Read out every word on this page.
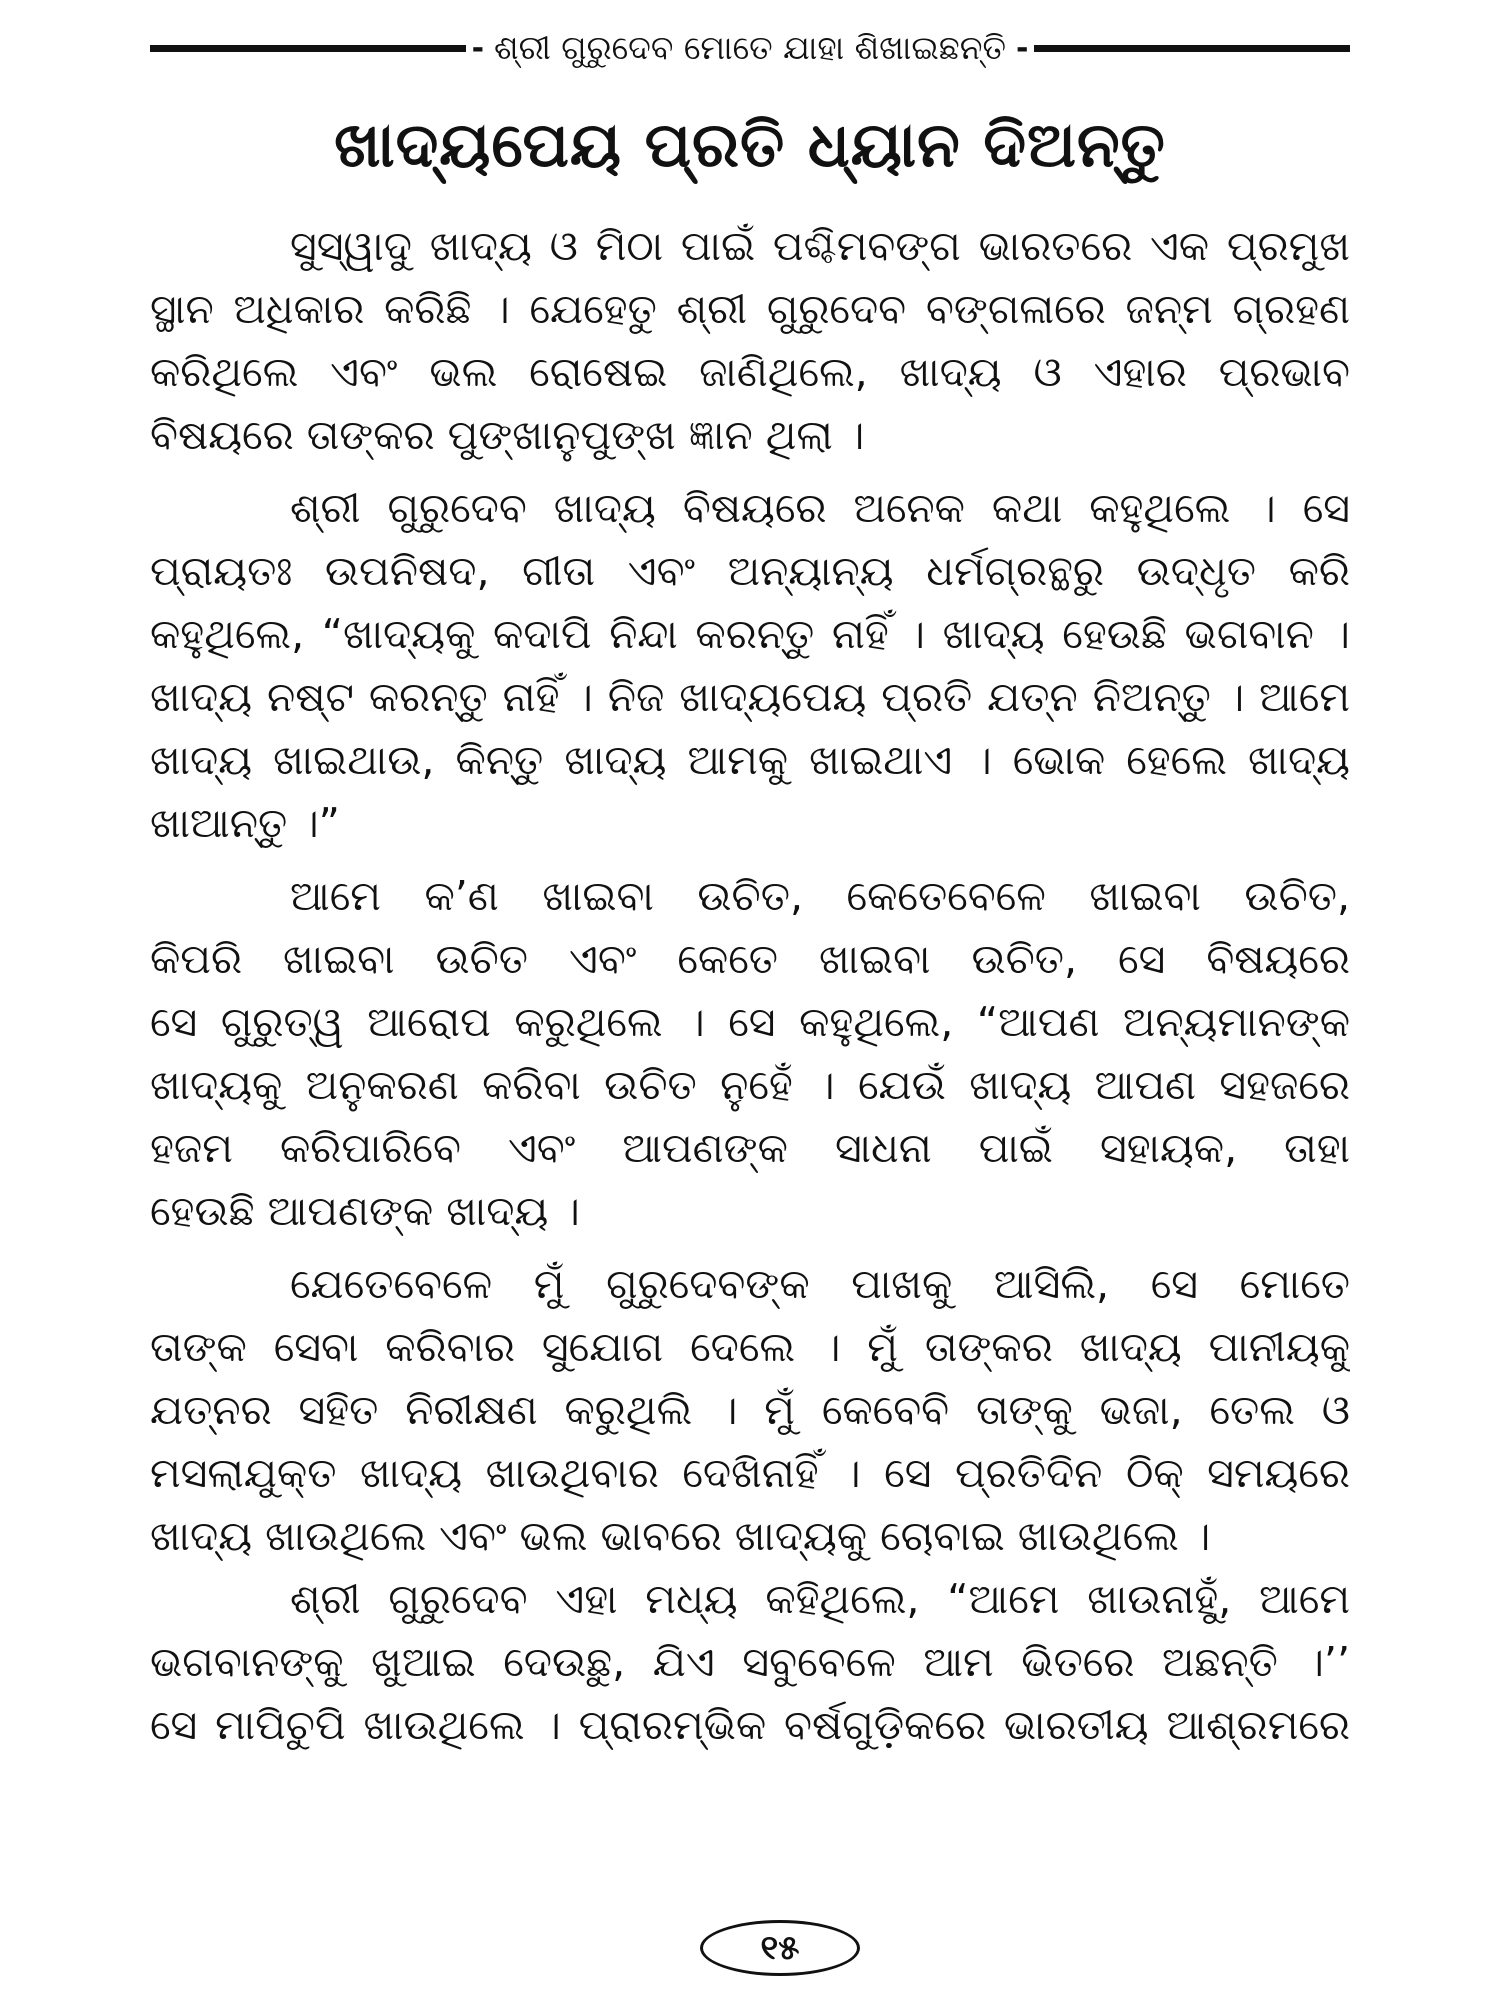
- ଶ୍ରୀ ଗୁରୁଦେବ ମୋତେ ଯାହା ଶିଖାଇଛନ୍ତି -
ଖାଦ୍ୟପେୟ ପ୍ରତି ଧ୍ୟାନ ଦିଅନ୍ତୁ
ସୁସ୍ୱାଦୁ ଖାଦ୍ୟ ଓ ମିଠା ପାଇଁ ପଶ୍ଚିମବଙ୍ଗ ଭାରତରେ ଏକ ପ୍ରମୁଖ
ସ୍ଥାନ ଅଧିକାର କରିଛି । ଯେହେତୁ ଶ୍ରୀ ଗୁରୁଦେବ ବଙ୍ଗଳାରେ ଜନ୍ମ ଗ୍ରହଣ
କରିଥିଲେ ଏବଂ ଭଲ ରୋଷେଇ ଜାଣିଥିଲେ, ଖାଦ୍ୟ ଓ ଏହାର ପ୍ରଭାବ
ବିଷୟରେ ତାଙ୍କର ପୁଙ୍ଖାନୁପୁଙ୍ଖ ଜ୍ଞାନ ଥିଲା ।
ଶ୍ରୀ ଗୁରୁଦେବ ଖାଦ୍ୟ ବିଷୟରେ ଅନେକ କଥା କହୁଥିଲେ । ସେ
ପ୍ରାୟତଃ ଉପନିଷଦ, ଗୀତା ଏବଂ ଅନ୍ୟାନ୍ୟ ଧର୍ମଗ୍ରନ୍ଥରୁ ଉଦ୍ଧୃତ କରି
କହୁଥିଲେ, “ଖାଦ୍ୟକୁ କଦାପି ନିନ୍ଦା କରନ୍ତୁ ନାହିଁ । ଖାଦ୍ୟ ହେଉଛି ଭଗବାନ ।
ଖାଦ୍ୟ ନଷ୍ଟ କରନ୍ତୁ ନାହିଁ । ନିଜ ଖାଦ୍ୟପେୟ ପ୍ରତି ଯତ୍ନ ନିଅନ୍ତୁ । ଆମେ
ଖାଦ୍ୟ ଖାଇଥାଉ, କିନ୍ତୁ ଖାଦ୍ୟ ଆମକୁ ଖାଇଥାଏ । ଭୋକ ହେଲେ ଖାଦ୍ୟ
ଖାଆନ୍ତୁ ।”
ଆମେ କ’ଣ ଖାଇବା ଉଚିତ, କେତେବେଳେ ଖାଇବା ଉଚିତ,
କିପରି ଖାଇବା ଉଚିତ ଏବଂ କେତେ ଖାଇବା ଉଚିତ, ସେ ବିଷୟରେ
ସେ ଗୁରୁତ୍ୱ ଆରୋପ କରୁଥିଲେ । ସେ କହୁଥିଲେ, “ଆପଣ ଅନ୍ୟମାନଙ୍କ
ଖାଦ୍ୟକୁ ଅନୁକରଣ କରିବା ଉଚିତ ନୁହେଁ । ଯେଉଁ ଖାଦ୍ୟ ଆପଣ ସହଜରେ
ହଜମ କରିପାରିବେ ଏବଂ ଆପଣଙ୍କ ସାଧନା ପାଇଁ ସହାୟକ, ତାହା
ହେଉଛି ଆପଣଙ୍କ ଖାଦ୍ୟ ।
ଯେତେବେଳେ ମୁଁ ଗୁରୁଦେବଙ୍କ ପାଖକୁ ଆସିଲି, ସେ ମୋତେ
ତାଙ୍କ ସେବା କରିବାର ସୁଯୋଗ ଦେଲେ । ମୁଁ ତାଙ୍କର ଖାଦ୍ୟ ପାନୀୟକୁ
ଯତ୍ନର ସହିତ ନିରୀକ୍ଷଣ କରୁଥିଲି । ମୁଁ କେବେବି ତାଙ୍କୁ ଭଜା, ତେଲ ଓ
ମସଲାଯୁକ୍ତ ଖାଦ୍ୟ ଖାଉଥିବାର ଦେଖିନାହିଁ । ସେ ପ୍ରତିଦିନ ଠିକ୍ ସମୟରେ
ଖାଦ୍ୟ ଖାଉଥିଲେ ଏବଂ ଭଲ ଭାବରେ ଖାଦ୍ୟକୁ ଚୋବାଇ ଖାଉଥିଲେ ।
ଶ୍ରୀ ଗୁରୁଦେବ ଏହା ମଧ୍ୟ କହିଥିଲେ, “ଆମେ ଖାଉନାହୁଁ, ଆମେ
ଭଗବାନଙ୍କୁ ଖୁଆଇ ଦେଉଛୁ, ଯିଏ ସବୁବେଳେ ଆମ ଭିତରେ ଅଛନ୍ତି ।’’
ସେ ମାପିଚୁପି ଖାଉଥିଲେ । ପ୍ରାରମ୍ଭିକ ବର୍ଷଗୁଡ଼ିକରେ ଭାରତୀୟ ଆଶ୍ରମରେ
୧୫
